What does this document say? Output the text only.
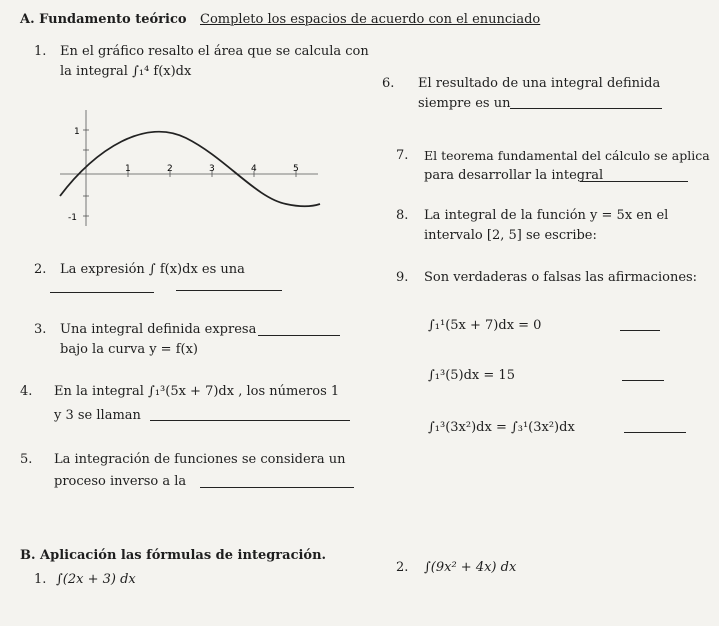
A. Fundamento teórico Completo los espacios de acuerdo con el enunciado
1. En el gráfico resalto el área que se calcula con
la integral ∫₁⁴ f(x)dx
1
-1
1	2	3	4	5
2. La expresión ∫ f(x)dx es una
3. Una integral definida expresa
bajo la curva y = f(x)
4. En la integral ∫₁³(5x + 7)dx , los números 1
y 3 se llaman
5. La integración de funciones se considera un
proceso inverso a la
6. El resultado de una integral definida
siempre es un
7. El teorema fundamental del cálculo se aplica
para desarrollar la integral
8. La integral de la función y = 5x en el
intervalo [2, 5] se escribe:
9. Son verdaderas o falsas las afirmaciones:
∫₁¹(5x + 7)dx = 0
∫₁³(5)dx = 15
∫₁³(3x²)dx = ∫₃¹(3x²)dx
B. Aplicación las fórmulas de integración.
1. ∫(2x + 3) dx
2. ∫(9x² + 4x) dx
